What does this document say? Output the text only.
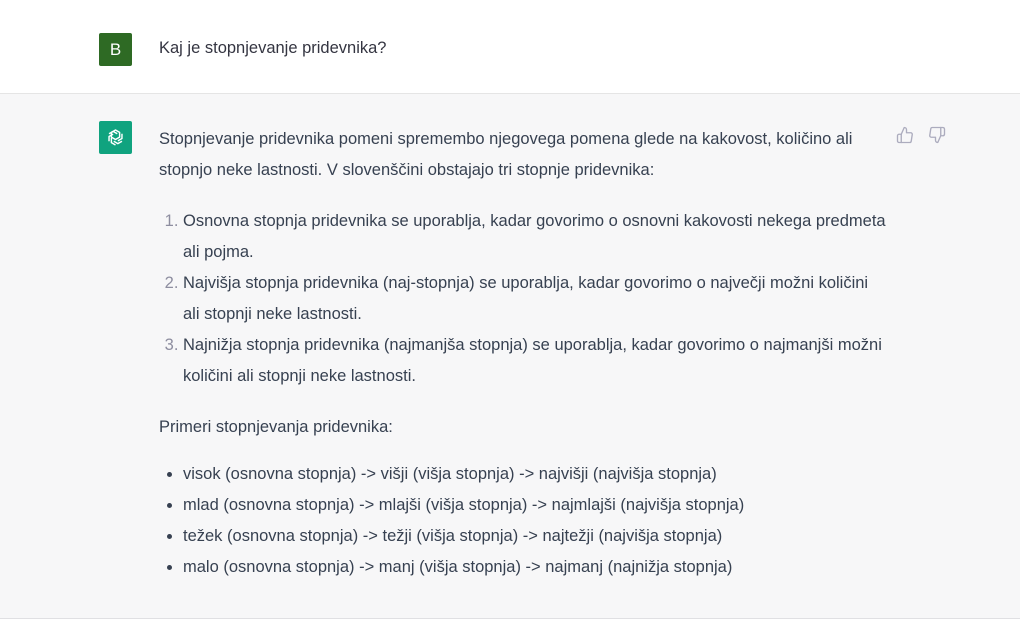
B Kaj je stopnjevanje pridevnika?

Stopnjevanje pridevnika pomeni spremembo njegovega pomena glede na kakovost, količino ali stopnjo neke lastnosti. V slovenščini obstajajo tri stopnje pridevnika:

1. Osnovna stopnja pridevnika se uporablja, kadar govorimo o osnovni kakovosti nekega predmeta ali pojma.
2. Najvišja stopnja pridevnika (naj-stopnja) se uporablja, kadar govorimo o največji možni količini ali stopnji neke lastnosti.
3. Najnižja stopnja pridevnika (najmanjša stopnja) se uporablja, kadar govorimo o najmanjši možni količini ali stopnji neke lastnosti.

Primeri stopnjevanja pridevnika:

• visok (osnovna stopnja) -> višji (višja stopnja) -> najvišji (najvišja stopnja)
• mlad (osnovna stopnja) -> mlajši (višja stopnja) -> najmlajši (najvišja stopnja)
• težek (osnovna stopnja) -> težji (višja stopnja) -> najtežji (najvišja stopnja)
• malo (osnovna stopnja) -> manj (višja stopnja) -> najmanj (najnižja stopnja)
